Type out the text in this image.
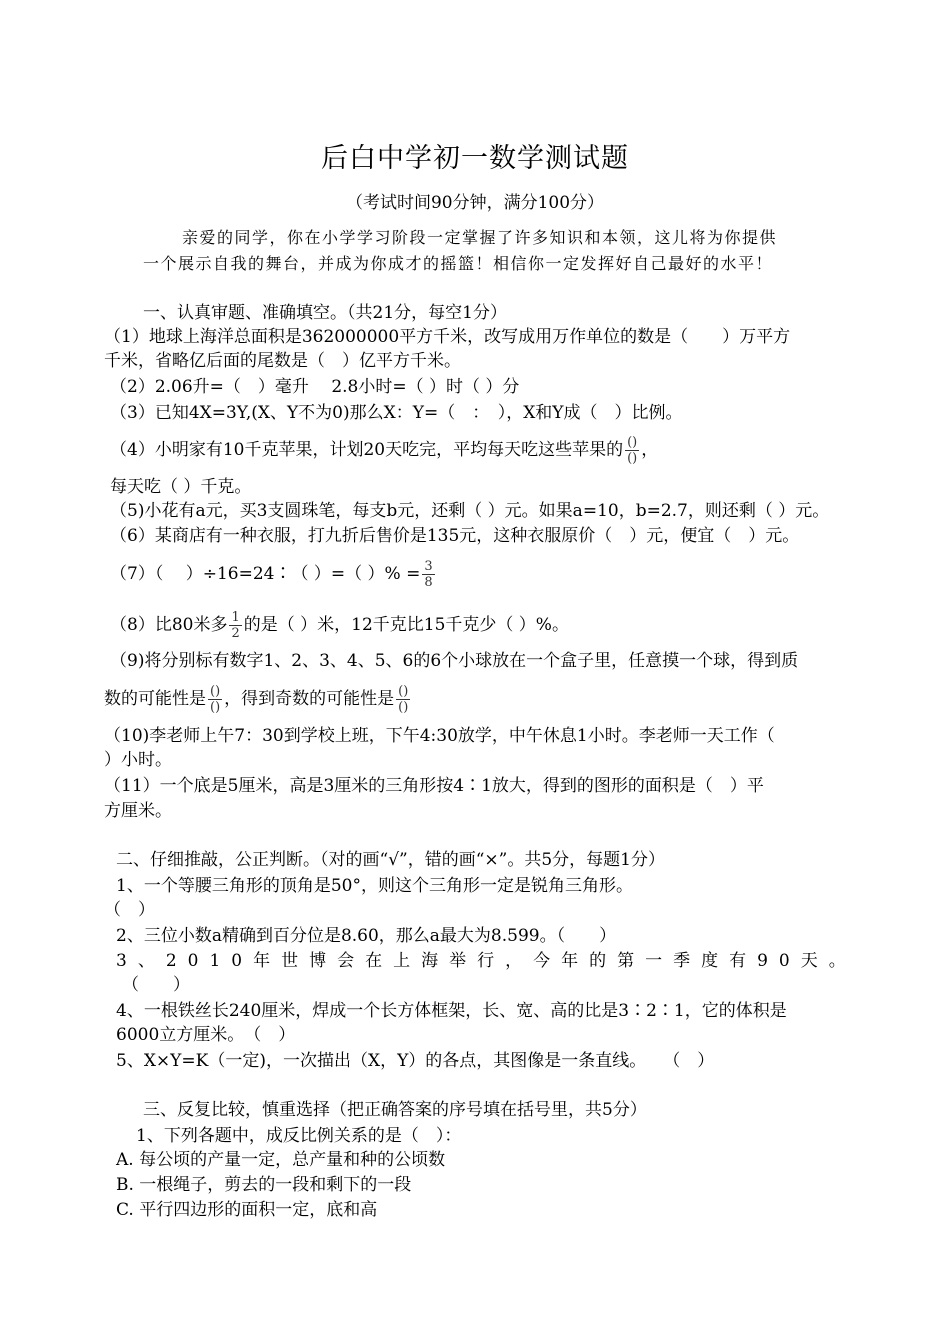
后白中学初一数学测试题
（考试时间90分钟，满分100分）
亲爱的同学，你在小学学习阶段一定掌握了许多知识和本领，这儿将为你提供
一个展示自我的舞台，并成为你成才的摇篮！相信你一定发挥好自己最好的水平！
一、认真审题、准确填空。（共21分，每空1分）
（1）地球上海洋总面积是362000000平方千米，改写成用万作单位的数是（　　）万平方
千米，省略亿后面的尾数是（　）亿平方千米。
（2）2.06升=（　）毫升　 2.8小时=（ ）时（ ）分
（3）已知4X=3Y,(X、Y不为0)那么X：Y=（　：　），X和Y成（　）比例。
（4）小明家有10千克苹果，计划20天吃完，平均每天吃这些苹果的 $\frac{()}{()}$ ，
每天吃（ ）千克。
（5)小花有a元，买3支圆珠笔，每支b元，还剩（ ）元。如果a=10，b=2.7，则还剩（ ）元。
（6）某商店有一种衣服，打九折后售价是135元，这种衣服原价（　）元，便宜（　）元。
（7）（　 ）÷16=24∶（ ）=（ ）% = $\frac{3}{8}$
（8）比80米多 $\frac{1}{2}$ 的是（ ）米，12千克比15千克少（ ）%。
（9)将分别标有数字1、2、3、4、5、6的6个小球放在一个盒子里，任意摸一个球，得到质
数的可能性是 $\frac{()}{()}$ ，得到奇数的可能性是 $\frac{()}{()}$
（10)李老师上午7：30到学校上班，下午4:30放学，中午休息1小时。李老师一天工作（
）小时。
（11）一个底是5厘米，高是3厘米的三角形按4∶1放大，得到的图形的面积是（　）平
方厘米。
二、仔细推敲，公正判断。（对的画“√”，错的画“×”。共5分，每题1分）
1、一个等腰三角形的顶角是50°，则这个三角形一定是锐角三角形。
（　）
2、三位小数a精确到百分位是8.60，那么a最大为8.599。（　　）
3、2010年世博会在上海举行，今年的第一季度有90天。
（　　）
4、一根铁丝长240厘米，焊成一个长方体框架，长、宽、高的比是3∶2∶1，它的体积是
6000立方厘米。　（　）
5、X×Y=K（一定)，一次描出（X，Y）的各点，其图像是一条直线。　　（　）
三、反复比较，慎重选择（把正确答案的序号填在括号里，共5分）
1、下列各题中，成反比例关系的是（　）：
A. 每公顷的产量一定，总产量和种的公顷数
B. 一根绳子，剪去的一段和剩下的一段
C. 平行四边形的面积一定，底和高
